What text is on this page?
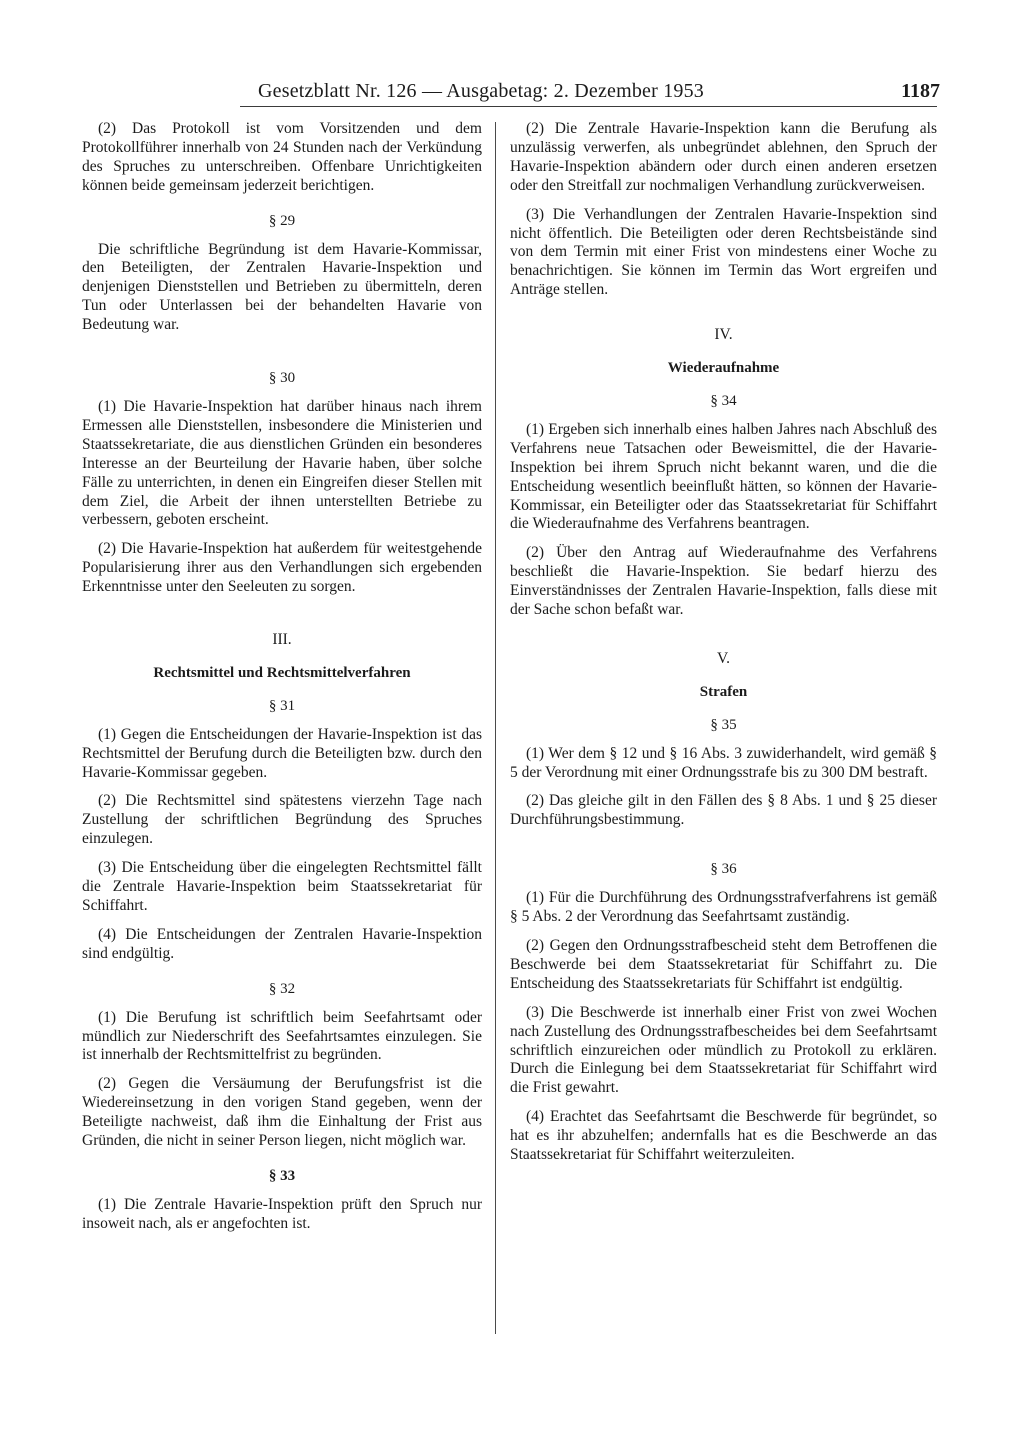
Gesetzblatt Nr. 126 — Ausgabetag: 2. Dezember 1953	1187

(2) Das Protokoll ist vom Vorsitzenden und dem Protokollführer innerhalb von 24 Stunden nach der Verkündung des Spruches zu unterschreiben. Offenbare Unrichtigkeiten können beide gemeinsam jederzeit berichtigen.

§ 29

Die schriftliche Begründung ist dem Havarie-Kommissar, den Beteiligten, der Zentralen Havarie-Inspektion und denjenigen Dienststellen und Betrieben zu übermitteln, deren Tun oder Unterlassen bei der behandelten Havarie von Bedeutung war.

§ 30

(1) Die Havarie-Inspektion hat darüber hinaus nach ihrem Ermessen alle Dienststellen, insbesondere die Ministerien und Staatssekretariate, die aus dienstlichen Gründen ein besonderes Interesse an der Beurteilung der Havarie haben, über solche Fälle zu unterrichten, in denen ein Eingreifen dieser Stellen mit dem Ziel, die Arbeit der ihnen unterstellten Betriebe zu verbessern, geboten erscheint.

(2) Die Havarie-Inspektion hat außerdem für weitestgehende Popularisierung ihrer aus den Verhandlungen sich ergebenden Erkenntnisse unter den Seeleuten zu sorgen.

III.
Rechtsmittel und Rechtsmittelverfahren
§ 31

(1) Gegen die Entscheidungen der Havarie-Inspektion ist das Rechtsmittel der Berufung durch die Beteiligten bzw. durch den Havarie-Kommissar gegeben.

(2) Die Rechtsmittel sind spätestens vierzehn Tage nach Zustellung der schriftlichen Begründung des Spruches einzulegen.

(3) Die Entscheidung über die eingelegten Rechtsmittel fällt die Zentrale Havarie-Inspektion beim Staatssekretariat für Schiffahrt.

(4) Die Entscheidungen der Zentralen Havarie-Inspektion sind endgültig.

§ 32

(1) Die Berufung ist schriftlich beim Seefahrtsamt oder mündlich zur Niederschrift des Seefahrtsamtes einzulegen. Sie ist innerhalb der Rechtsmittelfrist zu begründen.

(2) Gegen die Versäumung der Berufungsfrist ist die Wiedereinsetzung in den vorigen Stand gegeben, wenn der Beteiligte nachweist, daß ihm die Einhaltung der Frist aus Gründen, die nicht in seiner Person liegen, nicht möglich war.

§ 33

(1) Die Zentrale Havarie-Inspektion prüft den Spruch nur insoweit nach, als er angefochten ist.

(2) Die Zentrale Havarie-Inspektion kann die Berufung als unzulässig verwerfen, als unbegründet ablehnen, den Spruch der Havarie-Inspektion abändern oder durch einen anderen ersetzen oder den Streitfall zur nochmaligen Verhandlung zurückverweisen.

(3) Die Verhandlungen der Zentralen Havarie-Inspektion sind nicht öffentlich. Die Beteiligten oder deren Rechtsbeistände sind von dem Termin mit einer Frist von mindestens einer Woche zu benachrichtigen. Sie können im Termin das Wort ergreifen und Anträge stellen.

IV.
Wiederaufnahme
§ 34

(1) Ergeben sich innerhalb eines halben Jahres nach Abschluß des Verfahrens neue Tatsachen oder Beweismittel, die der Havarie-Inspektion bei ihrem Spruch nicht bekannt waren, und die die Entscheidung wesentlich beeinflußt hätten, so können der Havarie-Kommissar, ein Beteiligter oder das Staatssekretariat für Schiffahrt die Wiederaufnahme des Verfahrens beantragen.

(2) Über den Antrag auf Wiederaufnahme des Verfahrens beschließt die Havarie-Inspektion. Sie bedarf hierzu des Einverständnisses der Zentralen Havarie-Inspektion, falls diese mit der Sache schon befaßt war.

V.
Strafen
§ 35

(1) Wer dem § 12 und § 16 Abs. 3 zuwiderhandelt, wird gemäß § 5 der Verordnung mit einer Ordnungsstrafe bis zu 300 DM bestraft.

(2) Das gleiche gilt in den Fällen des § 8 Abs. 1 und § 25 dieser Durchführungsbestimmung.

§ 36

(1) Für die Durchführung des Ordnungsstrafverfahrens ist gemäß § 5 Abs. 2 der Verordnung das Seefahrtsamt zuständig.

(2) Gegen den Ordnungsstrafbescheid steht dem Betroffenen die Beschwerde bei dem Staatssekretariat für Schiffahrt zu. Die Entscheidung des Staatssekretariats für Schiffahrt ist endgültig.

(3) Die Beschwerde ist innerhalb einer Frist von zwei Wochen nach Zustellung des Ordnungsstrafbescheides bei dem Seefahrtsamt schriftlich einzureichen oder mündlich zu Protokoll zu erklären. Durch die Einlegung bei dem Staatssekretariat für Schiffahrt wird die Frist gewahrt.

(4) Erachtet das Seefahrtsamt die Beschwerde für begründet, so hat es ihr abzuhelfen; andernfalls hat es die Beschwerde an das Staatssekretariat für Schiffahrt weiterzuleiten.
